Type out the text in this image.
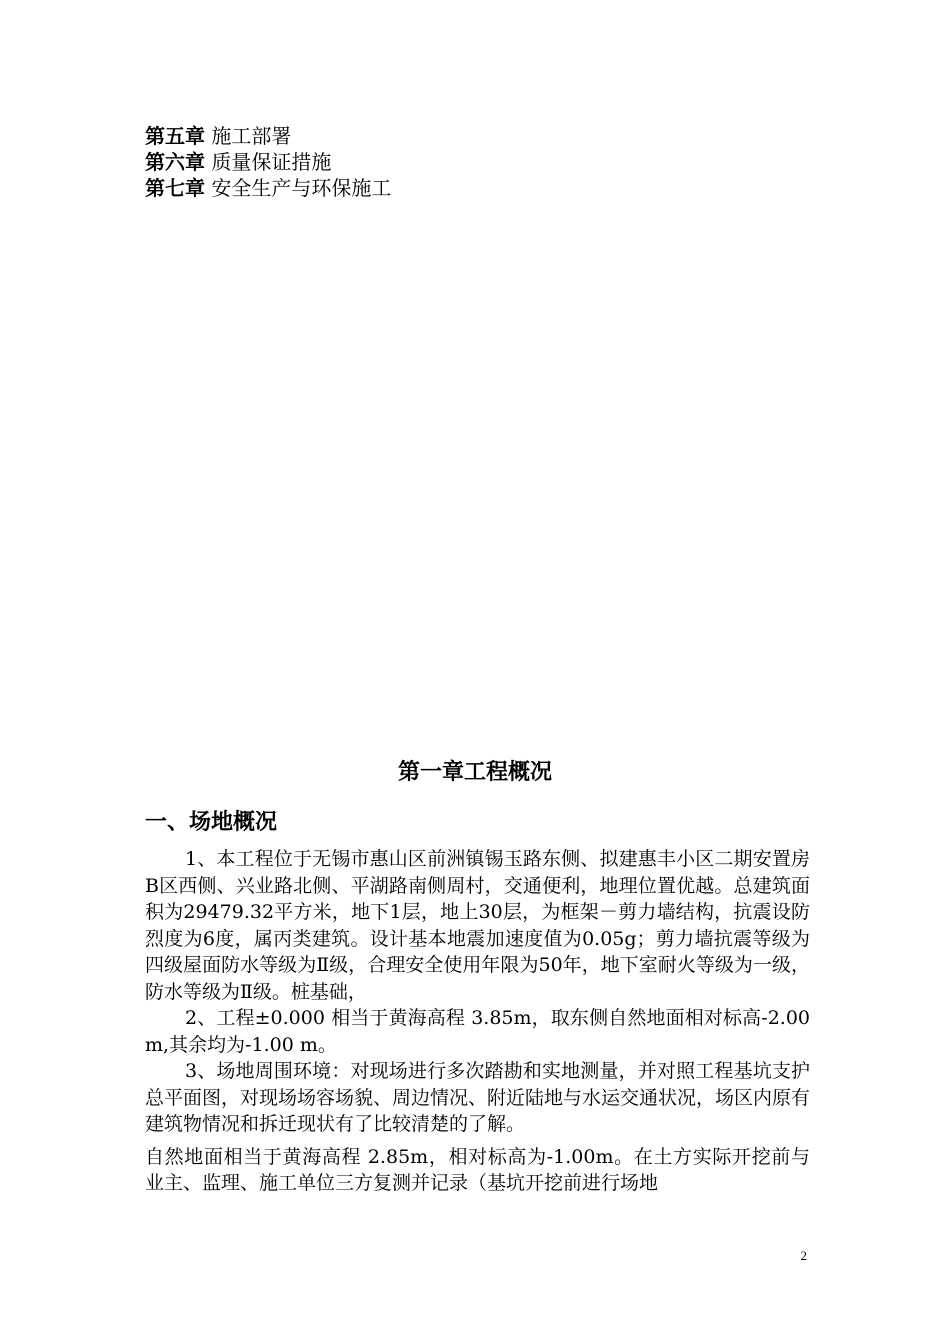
第五章 施工部署
第六章 质量保证措施
第七章 安全生产与环保施工
第一章工程概况
一、场地概况

1、本工程位于无锡市惠山区前洲镇锡玉路东侧、拟建惠丰小区二期安置房B区西侧、兴业路北侧、平湖路南侧周村，交通便利，地理位置优越。总建筑面积为29479.32平方米，地下1层，地上30层，为框架－剪力墙结构，抗震设防烈度为6度，属丙类建筑。设计基本地震加速度值为0.05g；剪力墙抗震等级为四级屋面防水等级为Ⅱ级，合理安全使用年限为50年，地下室耐火等级为一级，防水等级为Ⅱ级。桩基础，

2、工程±0.000 相当于黄海高程 3.85m，取东侧自然地面相对标高-2.00 m,其余均为-1.00 m。

3、场地周围环境：对现场进行多次踏勘和实地测量，并对照工程基坑支护总平面图，对现场场容场貌、周边情况、附近陆地与水运交通状况，场区内原有建筑物情况和拆迁现状有了比较清楚的了解。

自然地面相当于黄海高程 2.85m，相对标高为-1.00m。在土方实际开挖前与业主、监理、施工单位三方复测并记录（基坑开挖前进行场地

2
